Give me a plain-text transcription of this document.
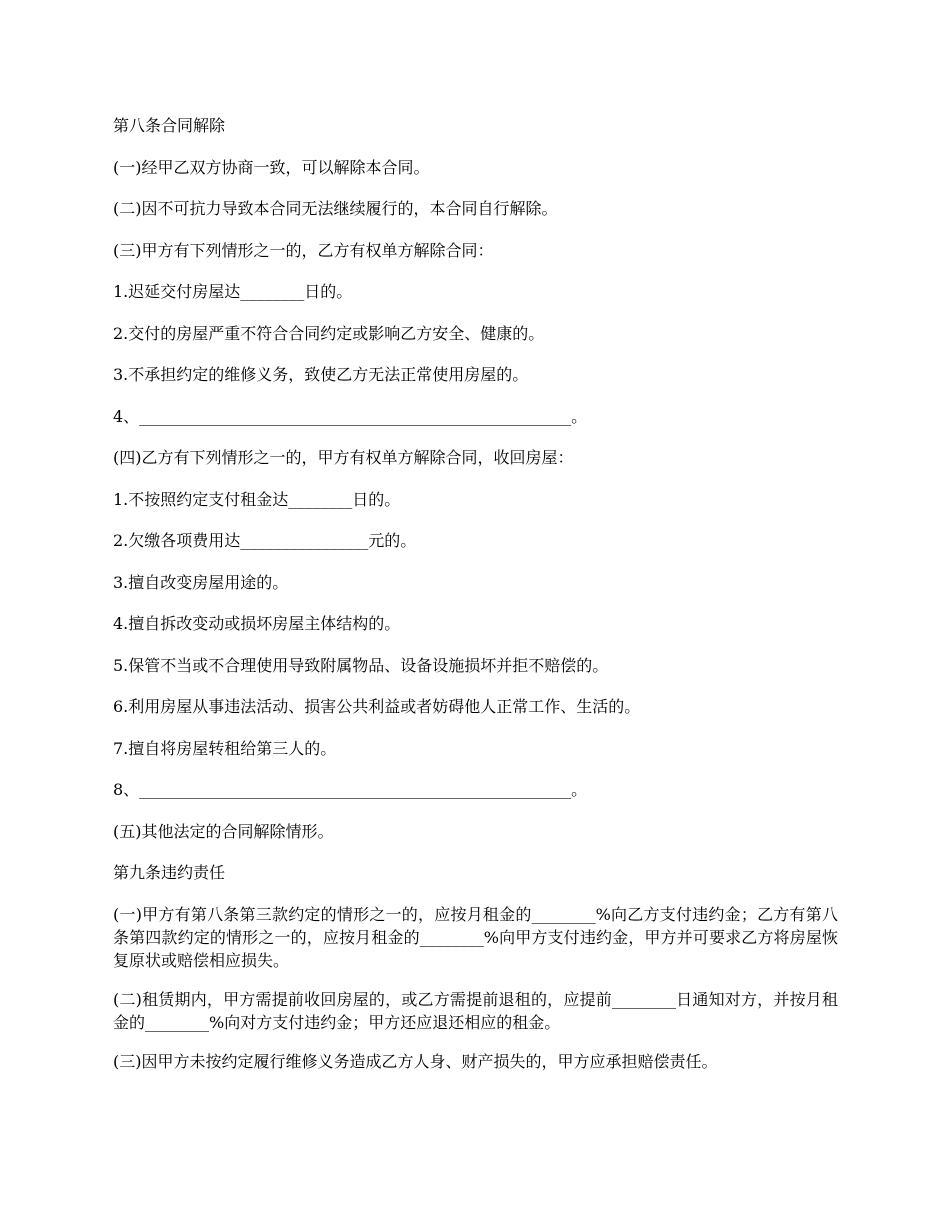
第八条合同解除

(一)经甲乙双方协商一致，可以解除本合同。

(二)因不可抗力导致本合同无法继续履行的，本合同自行解除。

(三)甲方有下列情形之一的，乙方有权单方解除合同：

1.迟延交付房屋达________日的。

2.交付的房屋严重不符合合同约定或影响乙方安全、健康的。

3.不承担约定的维修义务，致使乙方无法正常使用房屋的。

4、______________________________________________________。

(四)乙方有下列情形之一的，甲方有权单方解除合同，收回房屋：

1.不按照约定支付租金达________日的。

2.欠缴各项费用达________________元的。

3.擅自改变房屋用途的。

4.擅自拆改变动或损坏房屋主体结构的。

5.保管不当或不合理使用导致附属物品、设备设施损坏并拒不赔偿的。

6.利用房屋从事违法活动、损害公共利益或者妨碍他人正常工作、生活的。

7.擅自将房屋转租给第三人的。

8、______________________________________________________。

(五)其他法定的合同解除情形。

第九条违约责任

(一)甲方有第八条第三款约定的情形之一的，应按月租金的________%向乙方支付违约金；乙方有第八条第四款约定的情形之一的，应按月租金的________%向甲方支付违约金，甲方并可要求乙方将房屋恢复原状或赔偿相应损失。

(二)租赁期内，甲方需提前收回房屋的，或乙方需提前退租的，应提前________日通知对方，并按月租金的________%向对方支付违约金；甲方还应退还相应的租金。

(三)因甲方未按约定履行维修义务造成乙方人身、财产损失的，甲方应承担赔偿责任。
